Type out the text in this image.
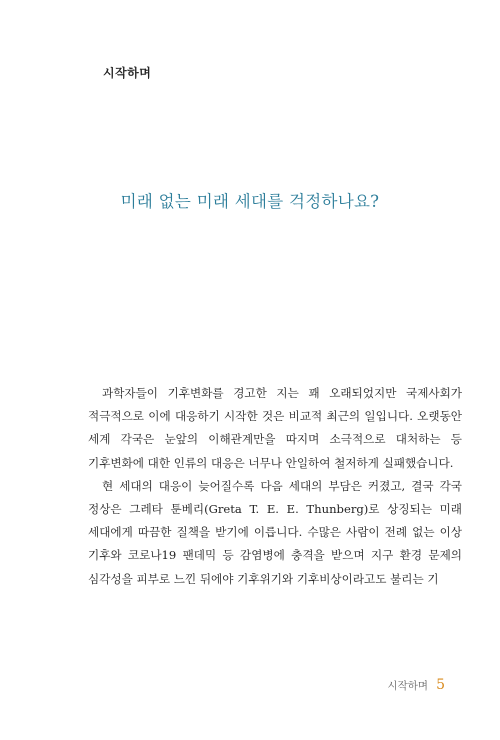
시작하며
미래 없는 미래 세대를 걱정하나요?

과학자들이 기후변화를 경고한 지는 꽤 오래되었지만 국제사회가 적극적으로 이에 대응하기 시작한 것은 비교적 최근의 일입니다. 오랫동안 세계 각국은 눈앞의 이해관계만을 따지며 소극적으로 대처하는 등 기후변화에 대한 인류의 대응은 너무나 안일하여 철저하게 실패했습니다.

현 세대의 대응이 늦어질수록 다음 세대의 부담은 커졌고, 결국 각국 정상은 그레타 툰베리(Greta T. E. E. Thunberg)로 상징되는 미래 세대에게 따끔한 질책을 받기에 이릅니다. 수많은 사람이 전례 없는 이상 기후와 코로나19 팬데믹 등 감염병에 충격을 받으며 지구 환경 문제의 심각성을 피부로 느낀 뒤에야 기후위기와 기후비상이라고도 불리는 기

시작하며 5
